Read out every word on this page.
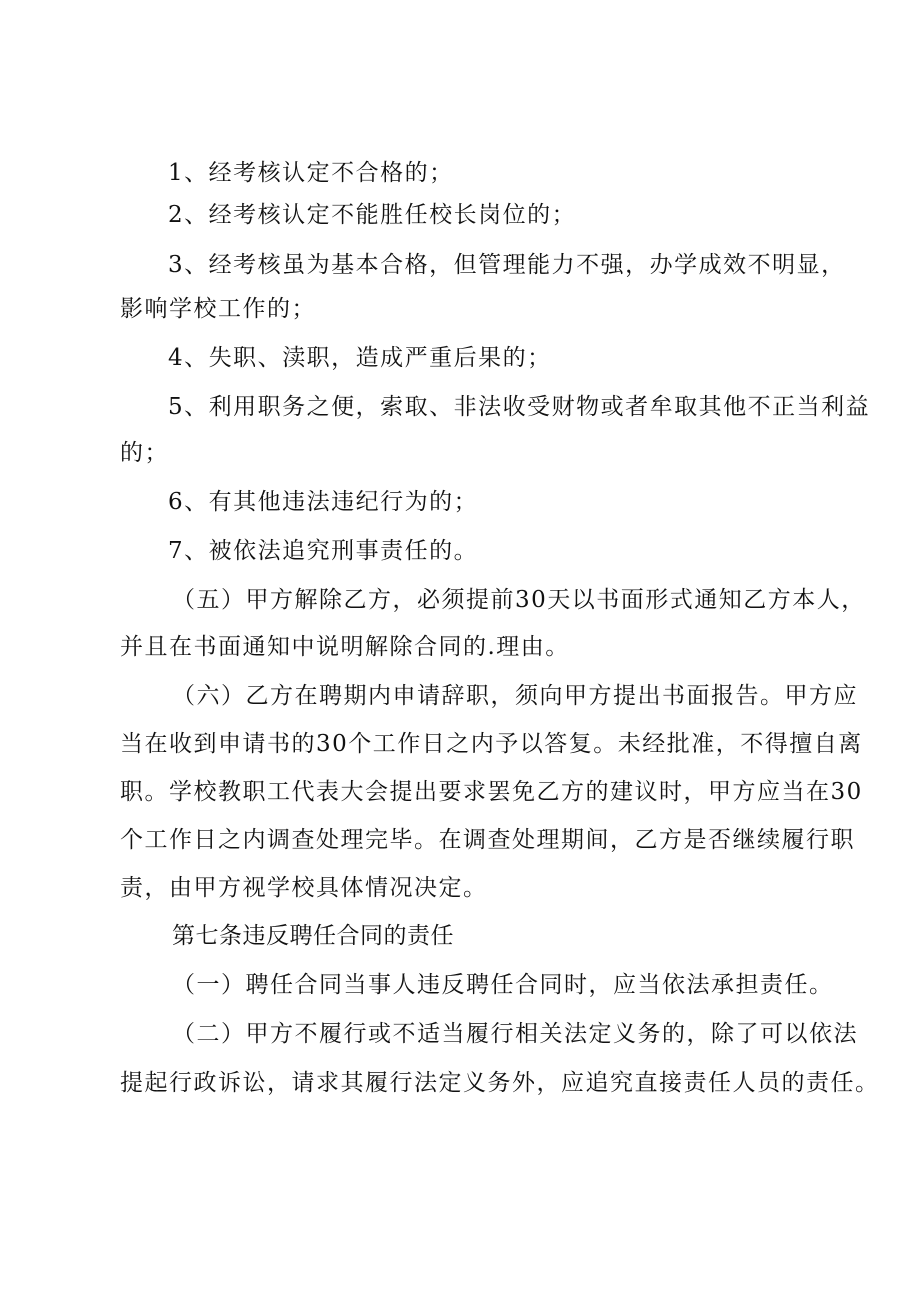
1、经考核认定不合格的；
2、经考核认定不能胜任校长岗位的；
3、经考核虽为基本合格，但管理能力不强，办学成效不明显，
影响学校工作的；
4、失职、渎职，造成严重后果的；
5、利用职务之便，索取、非法收受财物或者牟取其他不正当利益
的；
6、有其他违法违纪行为的；
7、被依法追究刑事责任的。
（五）甲方解除乙方，必须提前30天以书面形式通知乙方本人，
并且在书面通知中说明解除合同的.理由。
（六）乙方在聘期内申请辞职，须向甲方提出书面报告。甲方应
当在收到申请书的30个工作日之内予以答复。未经批准，不得擅自离
职。学校教职工代表大会提出要求罢免乙方的建议时，甲方应当在30
个工作日之内调查处理完毕。在调查处理期间，乙方是否继续履行职
责，由甲方视学校具体情况决定。
第七条违反聘任合同的责任
（一）聘任合同当事人违反聘任合同时，应当依法承担责任。
（二）甲方不履行或不适当履行相关法定义务的，除了可以依法
提起行政诉讼，请求其履行法定义务外，应追究直接责任人员的责任。
